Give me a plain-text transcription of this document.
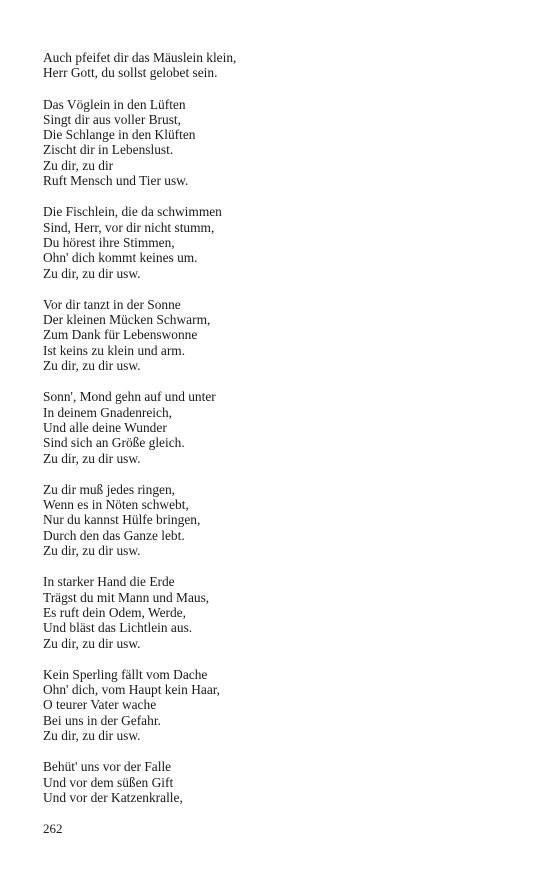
Auch pfeifet dir das Mäuslein klein,
Herr Gott, du sollst gelobet sein.
Das Vöglein in den Lüften
Singt dir aus voller Brust,
Die Schlange in den Klüften
Zischt dir in Lebenslust.
Zu dir, zu dir
Ruft Mensch und Tier usw.
Die Fischlein, die da schwimmen
Sind, Herr, vor dir nicht stumm,
Du hörest ihre Stimmen,
Ohn' dich kommt keines um.
Zu dir, zu dir usw.
Vor dir tanzt in der Sonne
Der kleinen Mücken Schwarm,
Zum Dank für Lebenswonne
Ist keins zu klein und arm.
Zu dir, zu dir usw.
Sonn', Mond gehn auf und unter
In deinem Gnadenreich,
Und alle deine Wunder
Sind sich an Größe gleich.
Zu dir, zu dir usw.
Zu dir muß jedes ringen,
Wenn es in Nöten schwebt,
Nur du kannst Hülfe bringen,
Durch den das Ganze lebt.
Zu dir, zu dir usw.
In starker Hand die Erde
Trägst du mit Mann und Maus,
Es ruft dein Odem, Werde,
Und bläst das Lichtlein aus.
Zu dir, zu dir usw.
Kein Sperling fällt vom Dache
Ohn' dich, vom Haupt kein Haar,
O teurer Vater wache
Bei uns in der Gefahr.
Zu dir, zu dir usw.
Behüt' uns vor der Falle
Und vor dem süßen Gift
Und vor der Katzenkralle,
262
